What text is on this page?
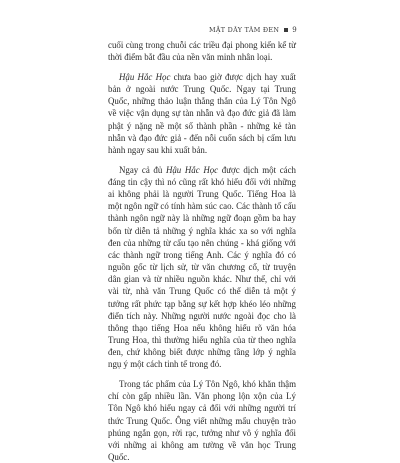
MẬT DÂY TÂM ĐEN 9

cuối cùng trong chuỗi các triều đại phong kiến kể từ thời điểm bắt đầu của nền văn minh nhân loại.

Hậu Hắc Học chưa bao giờ được dịch hay xuất bản ở ngoài nước Trung Quốc. Ngay tại Trung Quốc, những thảo luận thẳng thắn của Lý Tôn Ngô về việc vận dụng sự tàn nhẫn và đạo đức giả đã làm phật ý nặng nề một số thành phần - những kẻ tàn nhẫn và đạo đức giả - đến nỗi cuốn sách bị cấm lưu hành ngay sau khi xuất bản.

Ngay cả đủ Hậu Hắc Học được dịch một cách đáng tin cậy thì nó cũng rất khó hiểu đối với những ai không phải là người Trung Quốc. Tiếng Hoa là một ngôn ngữ có tính hàm súc cao. Các thành tố cấu thành ngôn ngữ này là những ngữ đoạn gồm ba hay bốn từ diễn tả những ý nghĩa khác xa so với nghĩa đen của những từ cấu tạo nên chúng - khá giống với các thành ngữ trong tiếng Anh. Các ý nghĩa đó có nguồn gốc từ lịch sử, từ văn chương cổ, từ truyện dân gian và từ nhiều nguồn khác. Như thế, chỉ với vài từ, nhà văn Trung Quốc có thể diễn tả một ý tưởng rất phức tạp bằng sự kết hợp khéo léo những điển tích này. Những người nước ngoài đọc cho là thông thạo tiếng Hoa nếu không hiểu rõ văn hóa Trung Hoa, thì thường hiểu nghĩa của từ theo nghĩa đen, chứ không biết được những tầng lớp ý nghĩa ngụ ý một cách tinh tế trong đó.

Trong tác phẩm của Lý Tôn Ngô, khó khăn thậm chí còn gấp nhiều lần. Văn phong lộn xộn của Lý Tôn Ngô khó hiểu ngay cả đối với những người trí thức Trung Quốc. Ông viết những mẩu chuyện trào phúng ngắn gọn, rời rạc, tưởng như vô ý nghĩa đối với những ai không am tường về văn học Trung Quốc.
